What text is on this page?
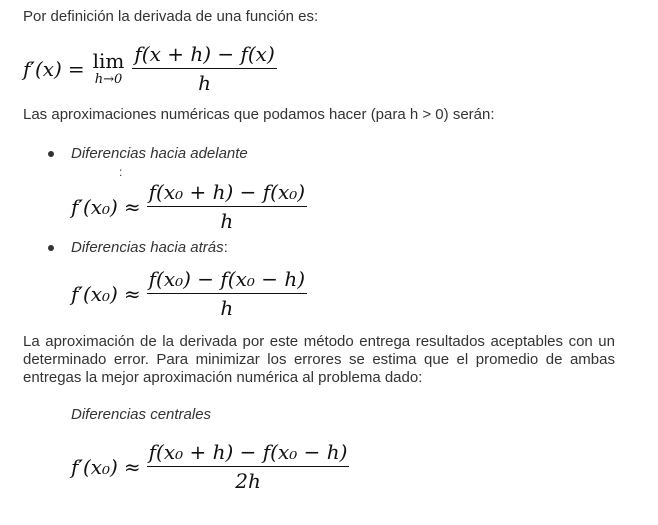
Por definición la derivada de una función es:
f′(x) = lim
$h\to 0 \frac{f(x + h) - f(x)}{h}$
Las aproximaciones numéricas que podamos hacer (para h > 0) serán:
Diferencias hacia adelante
:
$f'(x_0) \approx \frac{\text{f(x₀ + h) − f(x₀)}}{h}$
Diferencias hacia atrás:
$f'(x_0) \approx \frac{\text{f(x₀) − f(x₀ − h)}}{h}$
La aproximación de la derivada por este método entrega resultados aceptables con un determinado error. Para minimizar los errores se estima que el promedio de ambas entregas la mejor aproximación numérica al problema dado:
Diferencias centrales
$f'(x_0) \approx \frac{\text{f(x₀ + h) − f(x₀ − h)}}{2h}$
